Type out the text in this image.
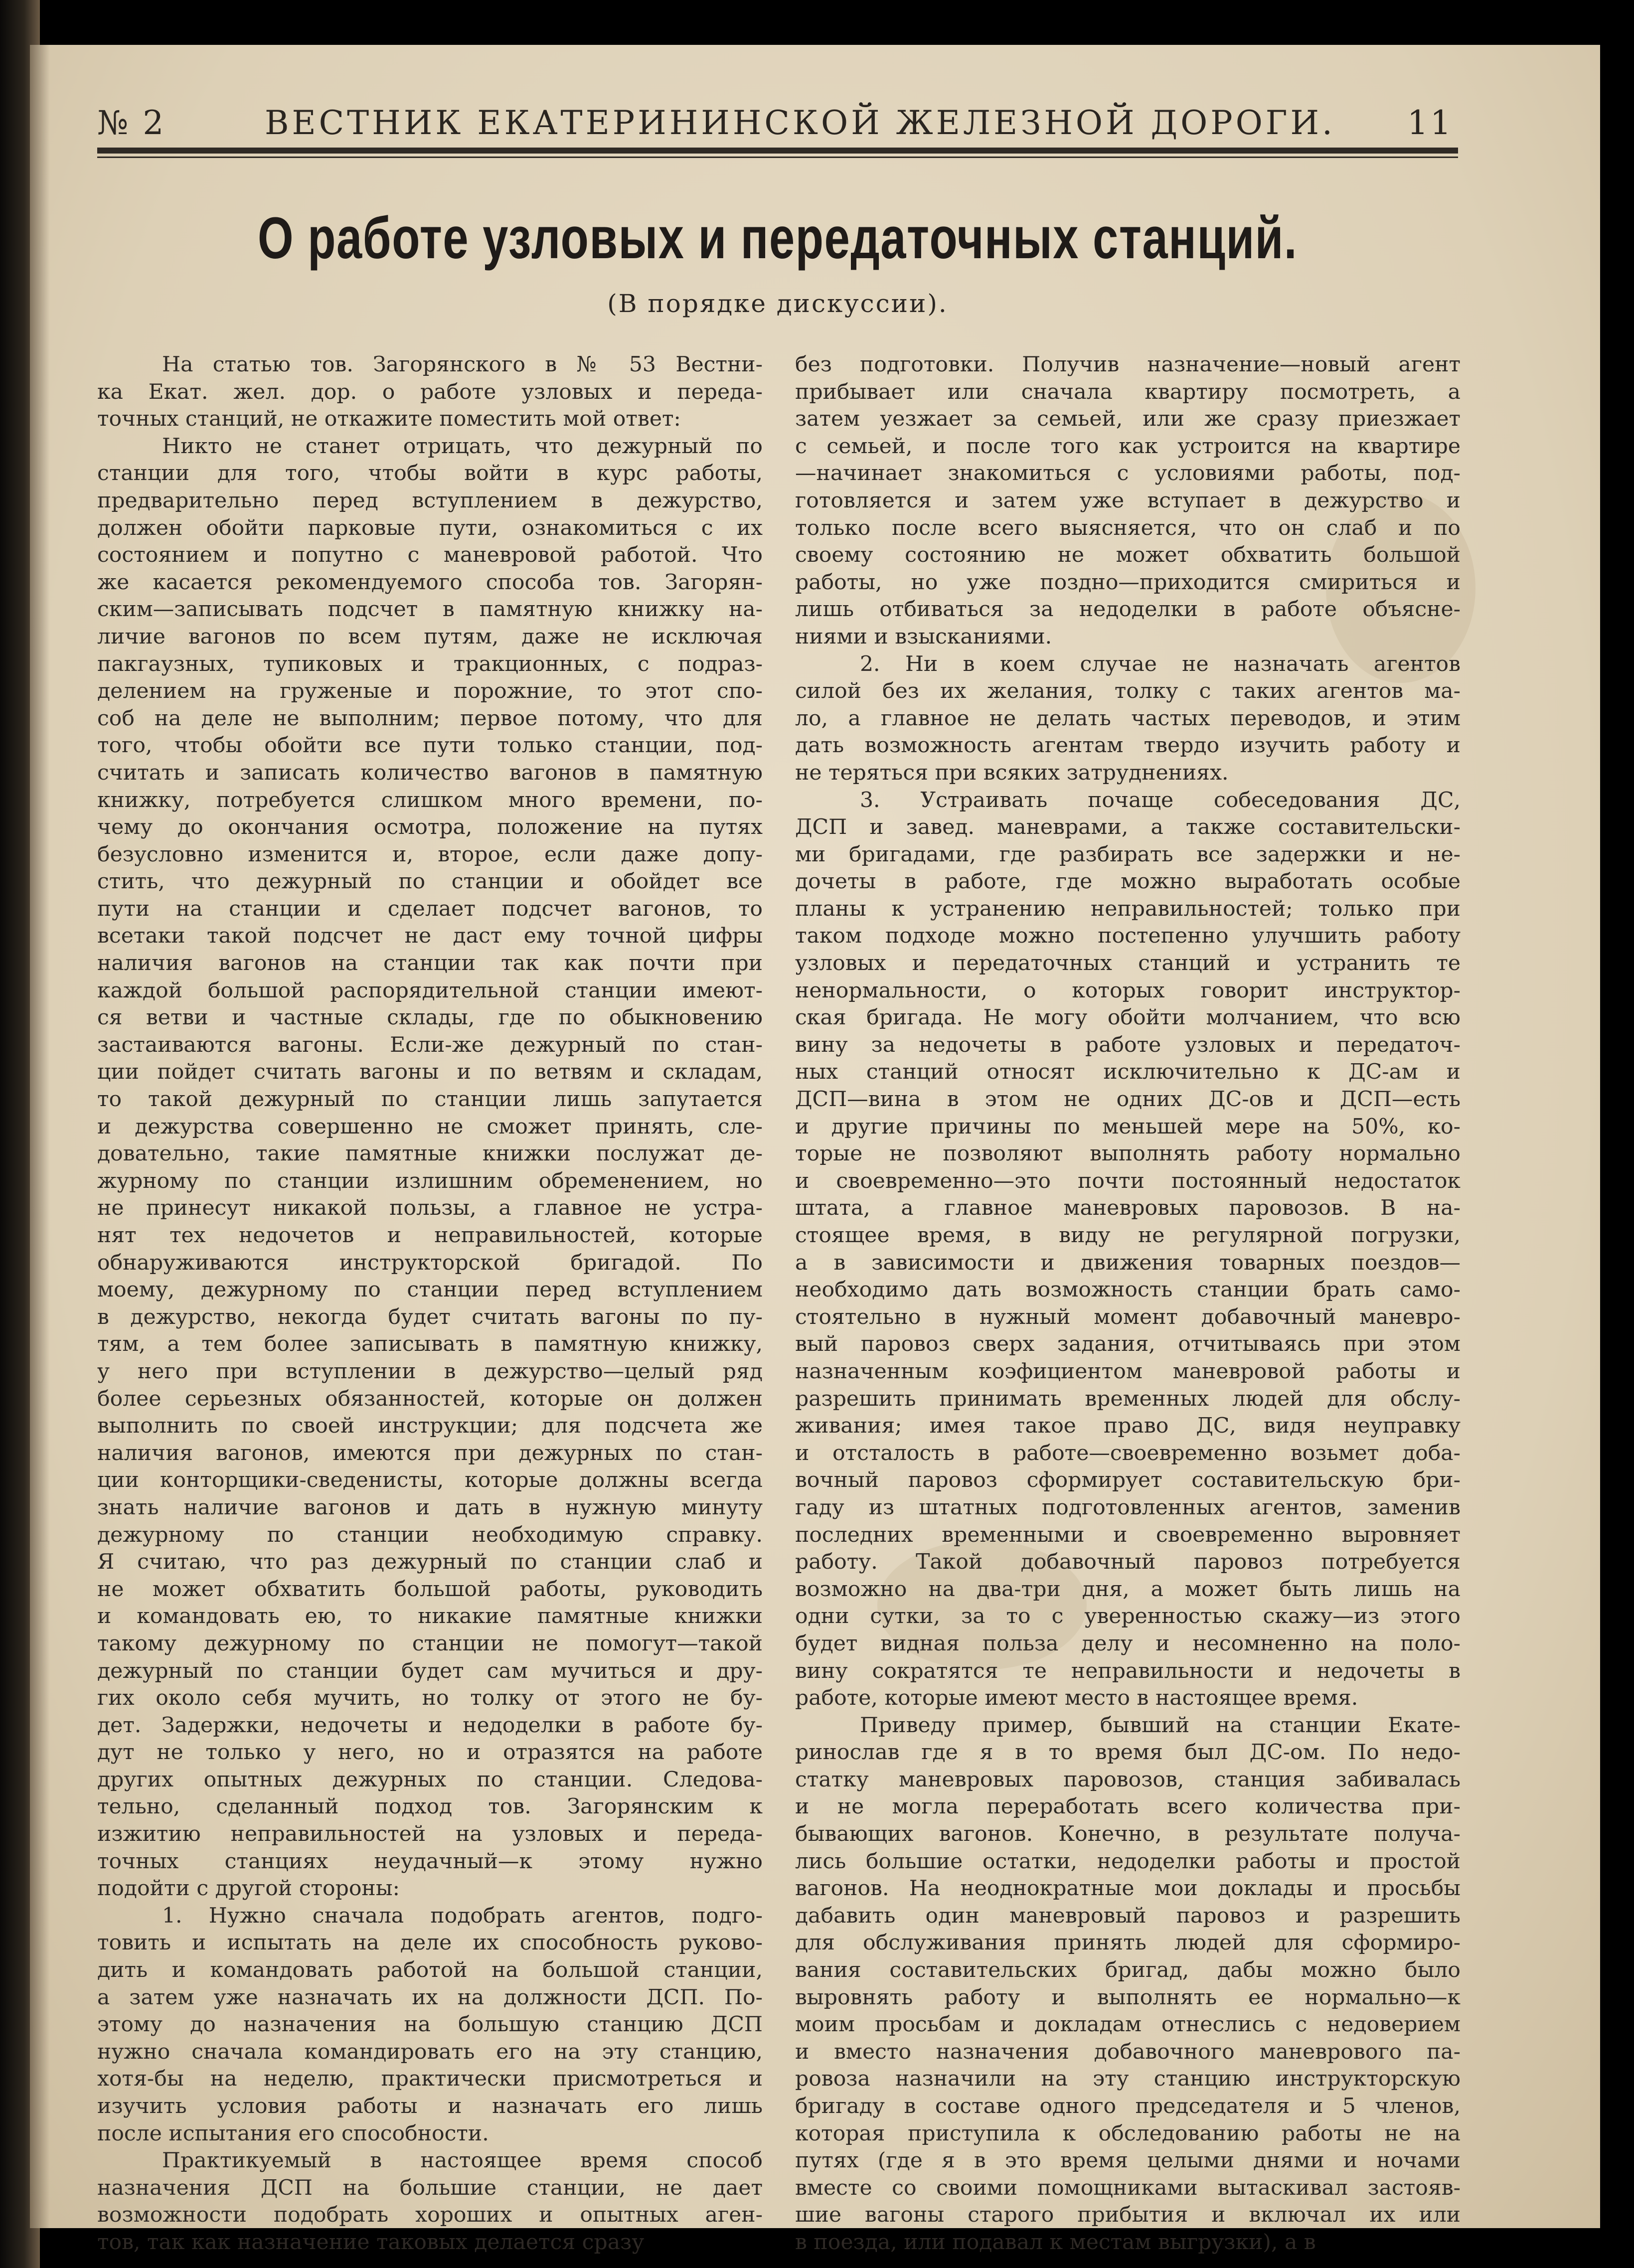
№ 2	ВЕСТНИК ЕКАТЕРИНИНСКОЙ ЖЕЛЕЗНОЙ ДОРОГИ.	11
О работе узловых и передаточных станций.
(В порядке дискуссии).
На статью тов. Загорянского в № 53 Вестни-
ка Екат. жел. дор. о работе узловых и переда-
точных станций, не откажите поместить мой ответ:
Никто не станет отрицать, что дежурный по
станции для того, чтобы войти в курс работы,
предварительно перед вступлением в дежурство,
должен обойти парковые пути, ознакомиться с их
состоянием и попутно с маневровой работой. Что
же касается рекомендуемого способа тов. Загорян-
ским—записывать подсчет в памятную книжку на-
личие вагонов по всем путям, даже не исключая
пакгаузных, тупиковых и тракционных, с подраз-
делением на груженые и порожние, то этот спо-
соб на деле не выполним; первое потому, что для
того, чтобы обойти все пути только станции, под-
считать и записать количество вагонов в памятную
книжку, потребуется слишком много времени, по-
чему до окончания осмотра, положение на путях
безусловно изменится и, второе, если даже допу-
стить, что дежурный по станции и обойдет все
пути на станции и сделает подсчет вагонов, то
всетаки такой подсчет не даст ему точной цифры
наличия вагонов на станции так как почти при
каждой большой распорядительной станции имеют-
ся ветви и частные склады, где по обыкновению
застаиваются вагоны. Если-же дежурный по стан-
ции пойдет считать вагоны и по ветвям и складам,
то такой дежурный по станции лишь запутается
и дежурства совершенно не сможет принять, сле-
довательно, такие памятные книжки послужат де-
журному по станции излишним обременением, но
не принесут никакой пользы, а главное не устра-
нят тех недочетов и неправильностей, которые
обнаруживаются инструкторской бригадой. По
моему, дежурному по станции перед вступлением
в дежурство, некогда будет считать вагоны по пу-
тям, а тем более записывать в памятную книжку,
у него при вступлении в дежурство—целый ряд
более серьезных обязанностей, которые он должен
выполнить по своей инструкции; для подсчета же
наличия вагонов, имеются при дежурных по стан-
ции конторщики-сведенисты, которые должны всегда
знать наличие вагонов и дать в нужную минуту
дежурному по станции необходимую справку.
Я считаю, что раз дежурный по станции слаб и
не может обхватить большой работы, руководить
и командовать ею, то никакие памятные книжки
такому дежурному по станции не помогут—такой
дежурный по станции будет сам мучиться и дру-
гих около себя мучить, но толку от этого не бу-
дет. Задержки, недочеты и недоделки в работе бу-
дут не только у него, но и отразятся на работе
других опытных дежурных по станции. Следова-
тельно, сделанный подход тов. Загорянским к
изжитию неправильностей на узловых и переда-
точных станциях неудачный—к этому нужно
подойти с другой стороны:
1. Нужно сначала подобрать агентов, подго-
товить и испытать на деле их способность руково-
дить и командовать работой на большой станции,
а затем уже назначать их на должности ДСП. По-
этому до назначения на большую станцию ДСП
нужно сначала командировать его на эту станцию,
хотя-бы на неделю, практически присмотреться и
изучить условия работы и назначать его лишь
после испытания его способности.
Практикуемый в настоящее время способ
назначения ДСП на большие станции, не дает
возможности подобрать хороших и опытных аген-
тов, так как назначение таковых делается сразу
без подготовки. Получив назначение—новый агент
прибывает или сначала квартиру посмотреть, а
затем уезжает за семьей, или же сразу приезжает
с семьей, и после того как устроится на квартире
—начинает знакомиться с условиями работы, под-
готовляется и затем уже вступает в дежурство и
только после всего выясняется, что он слаб и по
своему состоянию не может обхватить большой
работы, но уже поздно—приходится смириться и
лишь отбиваться за недоделки в работе объясне-
ниями и взысканиями.
2. Ни в коем случае не назначать агентов
силой без их желания, толку с таких агентов ма-
ло, а главное не делать частых переводов, и этим
дать возможность агентам твердо изучить работу и
не теряться при всяких затруднениях.
3. Устраивать почаще собеседования ДС,
ДСП и завед. маневрами, а также составительски-
ми бригадами, где разбирать все задержки и не-
дочеты в работе, где можно выработать особые
планы к устранению неправильностей; только при
таком подходе можно постепенно улучшить работу
узловых и передаточных станций и устранить те
ненормальности, о которых говорит инструктор-
ская бригада. Не могу обойти молчанием, что всю
вину за недочеты в работе узловых и передаточ-
ных станций относят исключительно к ДС-ам и
ДСП—вина в этом не одних ДС-ов и ДСП—есть
и другие причины по меньшей мере на 50%, ко-
торые не позволяют выполнять работу нормально
и своевременно—это почти постоянный недостаток
штата, а главное маневровых паровозов. В на-
стоящее время, в виду не регулярной погрузки,
а в зависимости и движения товарных поездов—
необходимо дать возможность станции брать само-
стоятельно в нужный момент добавочный маневро-
вый паровоз сверх задания, отчитываясь при этом
назначенным коэфициентом маневровой работы и
разрешить принимать временных людей для обслу-
живания; имея такое право ДС, видя неуправку
и отсталость в работе—своевременно возьмет доба-
вочный паровоз сформирует составительскую бри-
гаду из штатных подготовленных агентов, заменив
последних временными и своевременно выровняет
работу. Такой добавочный паровоз потребуется
возможно на два-три дня, а может быть лишь на
одни сутки, за то с уверенностью скажу—из этого
будет видная польза делу и несомненно на поло-
вину сократятся те неправильности и недочеты в
работе, которые имеют место в настоящее время.
Приведу пример, бывший на станции Екате-
ринослав где я в то время был ДС-ом. По недо-
статку маневровых паровозов, станция забивалась
и не могла переработать всего количества при-
бывающих вагонов. Конечно, в результате получа-
лись большие остатки, недоделки работы и простой
вагонов. На неоднократные мои доклады и просьбы
дабавить один маневровый паровоз и разрешить
для обслуживания принять людей для сформиро-
вания составительских бригад, дабы можно было
выровнять работу и выполнять ее нормально—к
моим просьбам и докладам отнеслись с недоверием
и вместо назначения добавочного маневрового па-
ровоза назначили на эту станцию инструкторскую
бригаду в составе одного председателя и 5 членов,
которая приступила к обследованию работы не на
путях (где я в это время целыми днями и ночами
вместе со своими помощниками вытаскивал застояв-
шие вагоны старого прибытия и включал их или
в поезда, или подавал к местам выгрузки), а в
